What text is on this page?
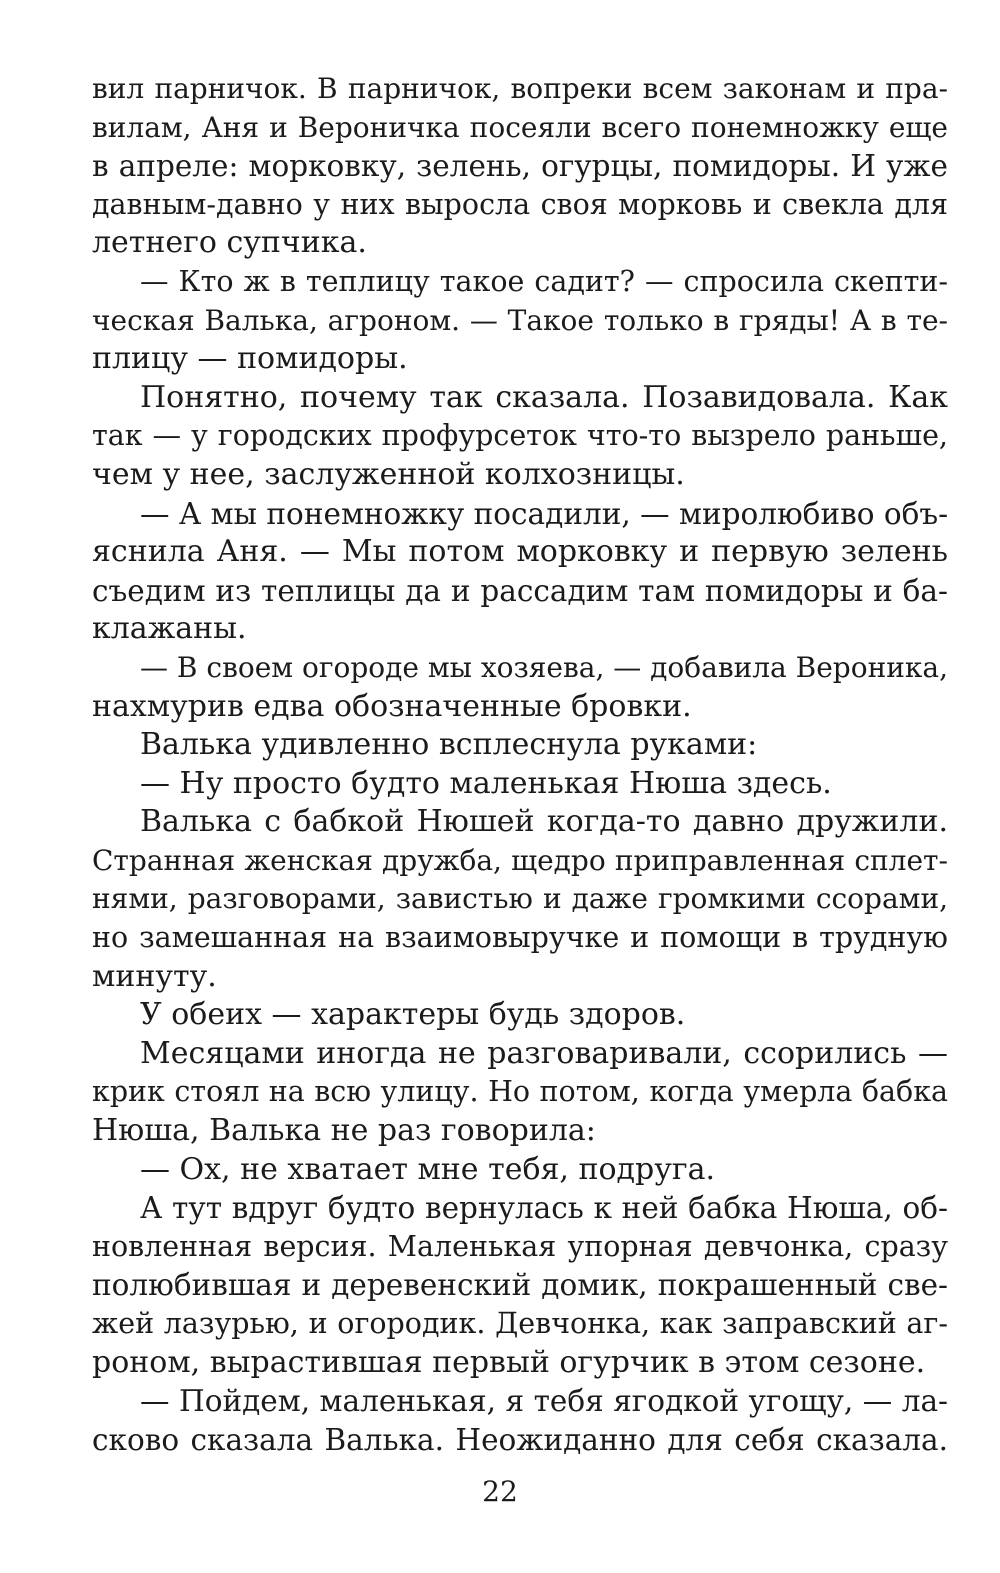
вил парничок. В парничок, вопреки всем законам и пра-
вилам, Аня и Вероничка посеяли всего понемножку еще
в апреле: морковку, зелень, огурцы, помидоры. И уже
давным-давно у них выросла своя морковь и свекла для
летнего супчика.
— Кто ж в теплицу такое садит? — спросила скепти-
ческая Валька, агроном. — Такое только в гряды! А в те-
плицу — помидоры.
Понятно, почему так сказала. Позавидовала. Как
так — у городских профурсеток что-то вызрело раньше,
чем у нее, заслуженной колхозницы.
— А мы понемножку посадили, — миролюбиво объ-
яснила Аня. — Мы потом морковку и первую зелень
съедим из теплицы да и рассадим там помидоры и ба-
клажаны.
— В своем огороде мы хозяева, — добавила Вероника,
нахмурив едва обозначенные бровки.
Валька удивленно всплеснула руками:
— Ну просто будто маленькая Нюша здесь.
Валька с бабкой Нюшей когда-то давно дружили.
Странная женская дружба, щедро приправленная сплет-
нями, разговорами, завистью и даже громкими ссорами,
но замешанная на взаимовыручке и помощи в трудную
минуту.
У обеих — характеры будь здоров.
Месяцами иногда не разговаривали, ссорились —
крик стоял на всю улицу. Но потом, когда умерла бабка
Нюша, Валька не раз говорила:
— Ох, не хватает мне тебя, подруга.
А тут вдруг будто вернулась к ней бабка Нюша, об-
новленная версия. Маленькая упорная девчонка, сразу
полюбившая и деревенский домик, покрашенный све-
жей лазурью, и огородик. Девчонка, как заправский аг-
роном, вырастившая первый огурчик в этом сезоне.
— Пойдем, маленькая, я тебя ягодкой угощу, — ла-
сково сказала Валька. Неожиданно для себя сказала.
22
